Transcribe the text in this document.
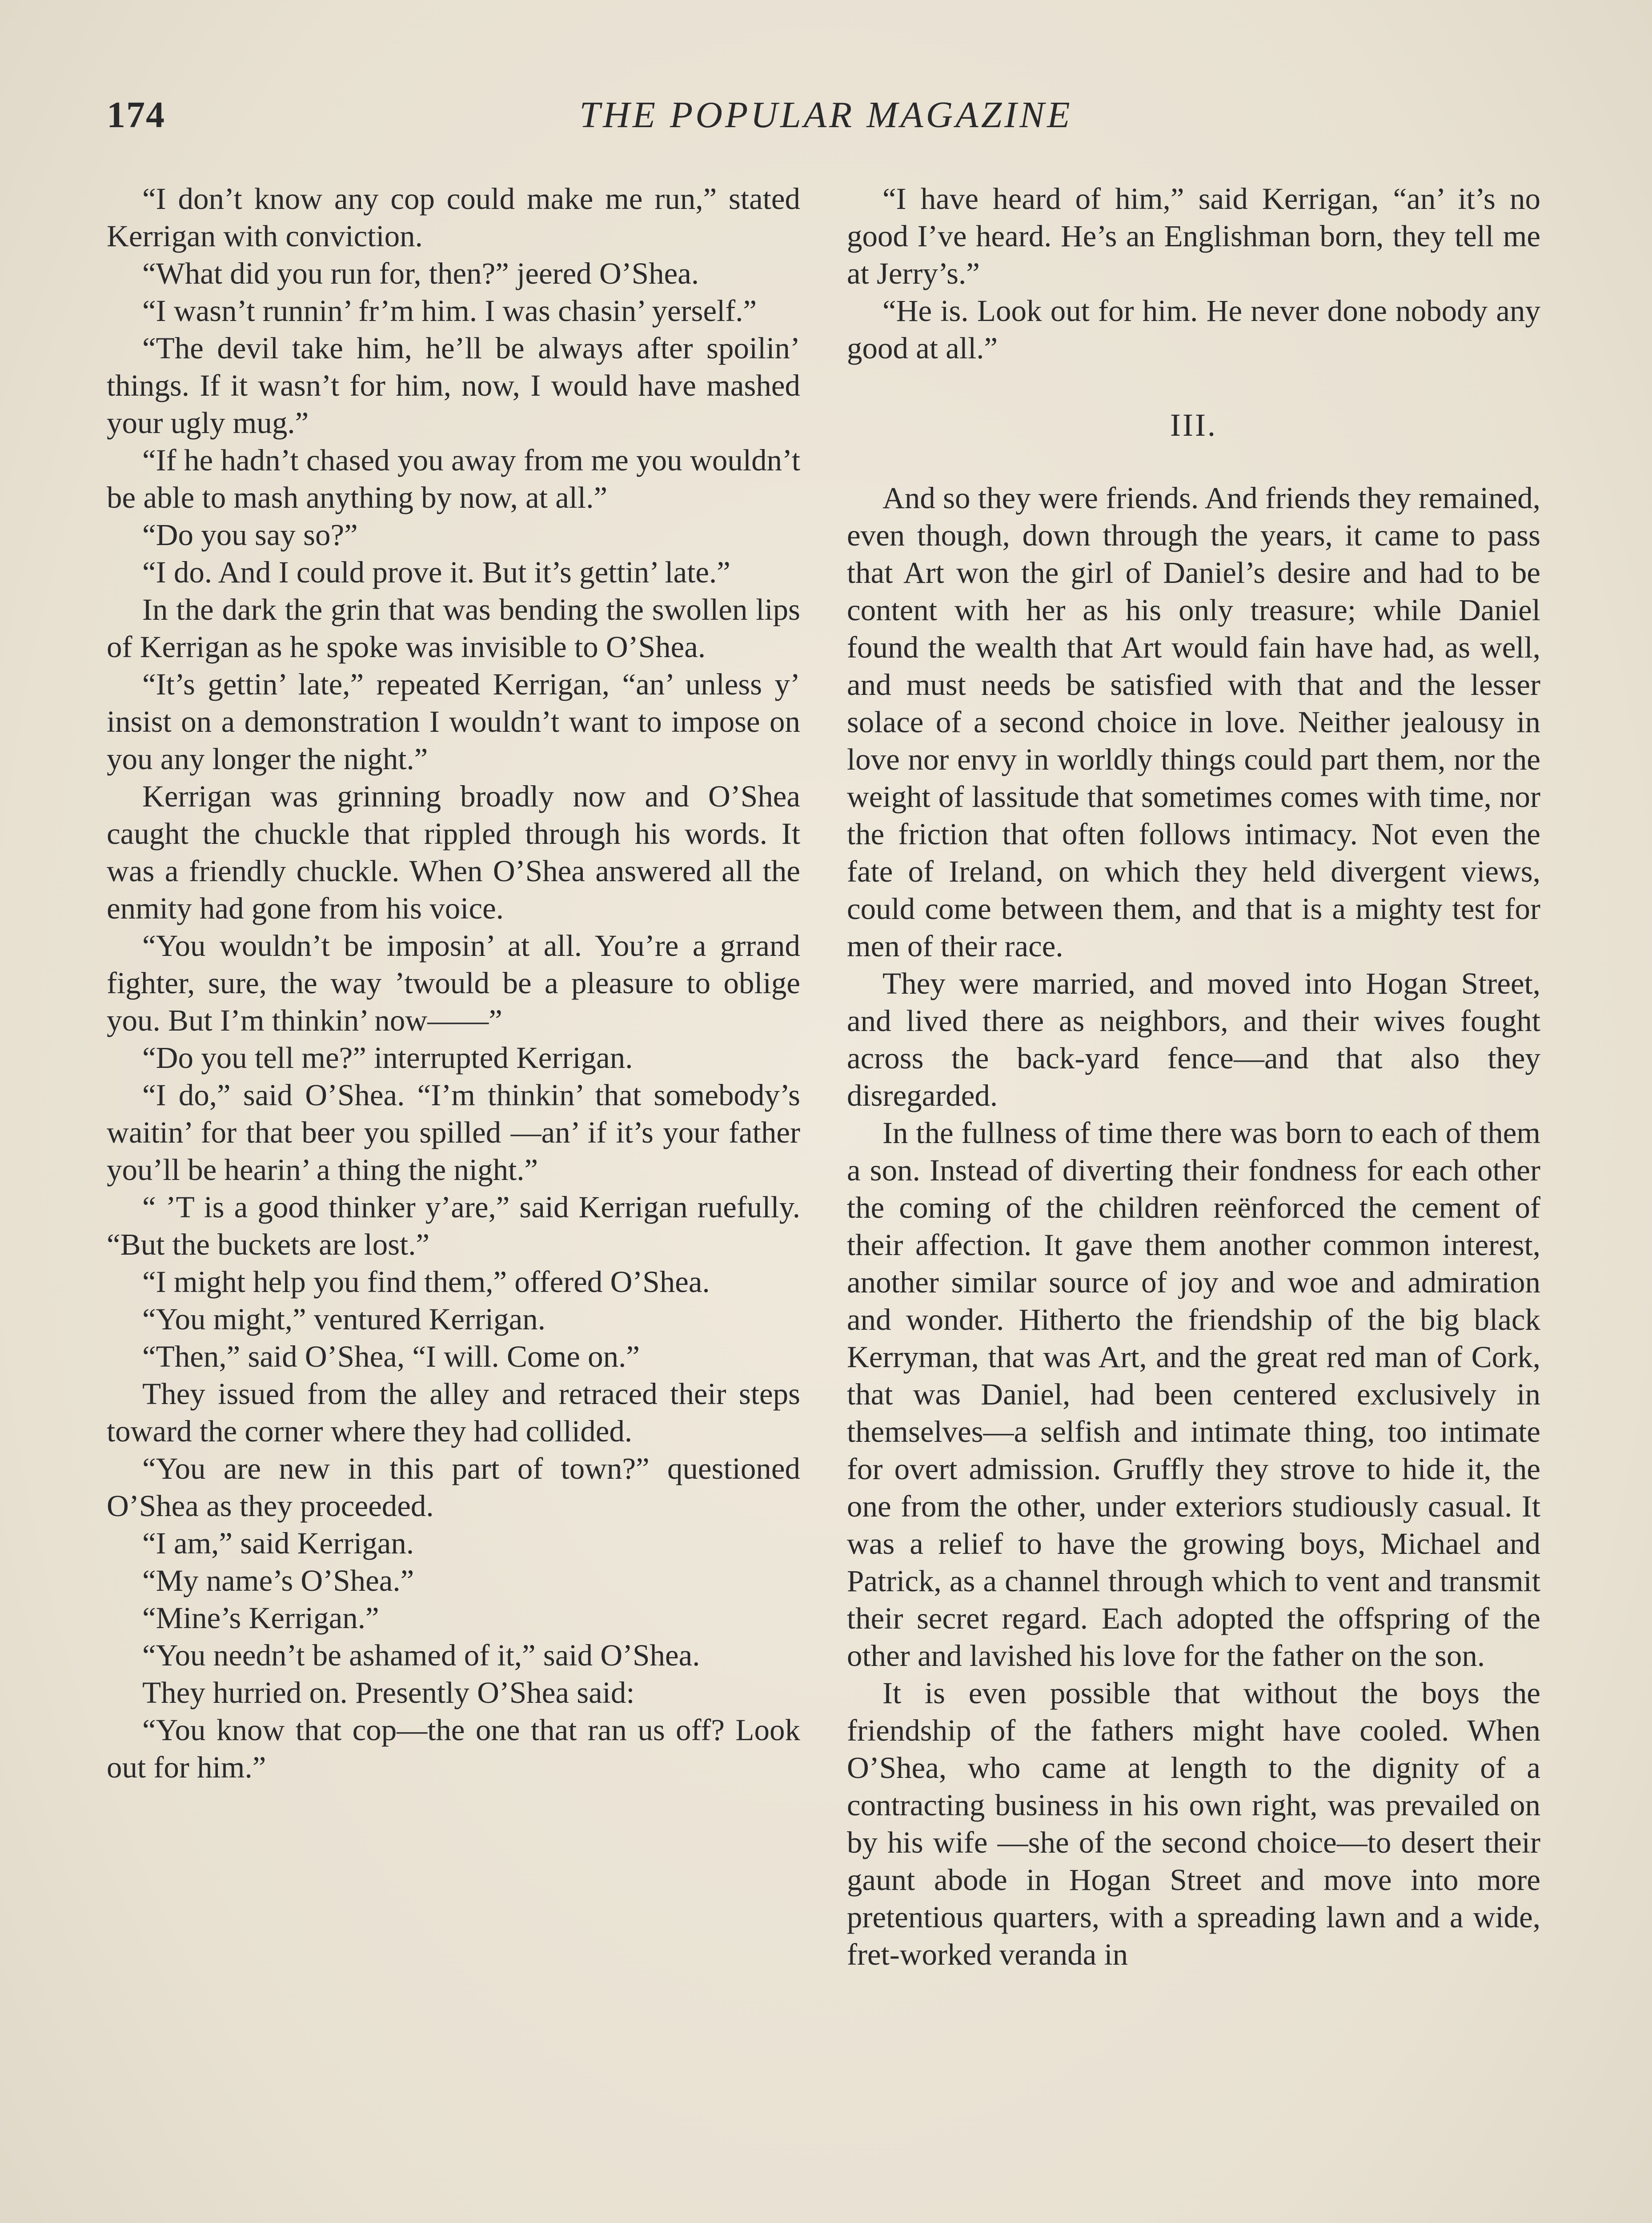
174	THE POPULAR MAGAZINE

“I don’t know any cop could make me run,” stated Kerrigan with conviction.

“What did you run for, then?” jeered O’Shea.

“I wasn’t runnin’ fr’m him. I was chasin’ yerself.”

“The devil take him, he’ll be always after spoilin’ things. If it wasn’t for him, now, I would have mashed your ugly mug.”

“If he hadn’t chased you away from me you wouldn’t be able to mash anything by now, at all.”

“Do you say so?”

“I do. And I could prove it. But it’s gettin’ late.”

In the dark the grin that was bending the swollen lips of Kerrigan as he spoke was invisible to O’Shea.

“It’s gettin’ late,” repeated Kerrigan, “an’ unless y’ insist on a demonstration I wouldn’t want to impose on you any longer the night.”

Kerrigan was grinning broadly now and O’Shea caught the chuckle that rippled through his words. It was a friendly chuckle. When O’Shea answered all the enmity had gone from his voice.

“You wouldn’t be imposin’ at all. You’re a grrand fighter, sure, the way ’twould be a pleasure to oblige you. But I’m thinkin’ now——”

“Do you tell me?” interrupted Kerrigan.

“I do,” said O’Shea. “I’m thinkin’ that somebody’s waitin’ for that beer you spilled —an’ if it’s your father you’ll be hearin’ a thing the night.”

“ ’T is a good thinker y’are,” said Kerrigan ruefully. “But the buckets are lost.”

“I might help you find them,” offered O’Shea.

“You might,” ventured Kerrigan.

“Then,” said O’Shea, “I will. Come on.”

They issued from the alley and retraced their steps toward the corner where they had collided.

“You are new in this part of town?” questioned O’Shea as they proceeded.

“I am,” said Kerrigan.

“My name’s O’Shea.”

“Mine’s Kerrigan.”

“You needn’t be ashamed of it,” said O’Shea.

They hurried on. Presently O’Shea said:

“You know that cop—the one that ran us off? Look out for him.”

“I have heard of him,” said Kerrigan, “an’ it’s no good I’ve heard. He’s an Englishman born, they tell me at Jerry’s.”

“He is. Look out for him. He never done nobody any good at all.”

III.

And so they were friends. And friends they remained, even though, down through the years, it came to pass that Art won the girl of Daniel’s desire and had to be content with her as his only treasure; while Daniel found the wealth that Art would fain have had, as well, and must needs be satisfied with that and the lesser solace of a second choice in love. Neither jealousy in love nor envy in worldly things could part them, nor the weight of lassitude that sometimes comes with time, nor the friction that often follows intimacy. Not even the fate of Ireland, on which they held divergent views, could come between them, and that is a mighty test for men of their race.

They were married, and moved into Hogan Street, and lived there as neighbors, and their wives fought across the back-yard fence—and that also they disregarded.

In the fullness of time there was born to each of them a son. Instead of diverting their fondness for each other the coming of the children reënforced the cement of their affection. It gave them another common interest, another similar source of joy and woe and admiration and wonder. Hitherto the friendship of the big black Kerryman, that was Art, and the great red man of Cork, that was Daniel, had been centered exclusively in themselves—a selfish and intimate thing, too intimate for overt admission. Gruffly they strove to hide it, the one from the other, under exteriors studiously casual. It was a relief to have the growing boys, Michael and Patrick, as a channel through which to vent and transmit their secret regard. Each adopted the offspring of the other and lavished his love for the father on the son.

It is even possible that without the boys the friendship of the fathers might have cooled. When O’Shea, who came at length to the dignity of a contracting business in his own right, was prevailed on by his wife —she of the second choice—to desert their gaunt abode in Hogan Street and move into more pretentious quarters, with a spreading lawn and a wide, fret-worked veranda in
